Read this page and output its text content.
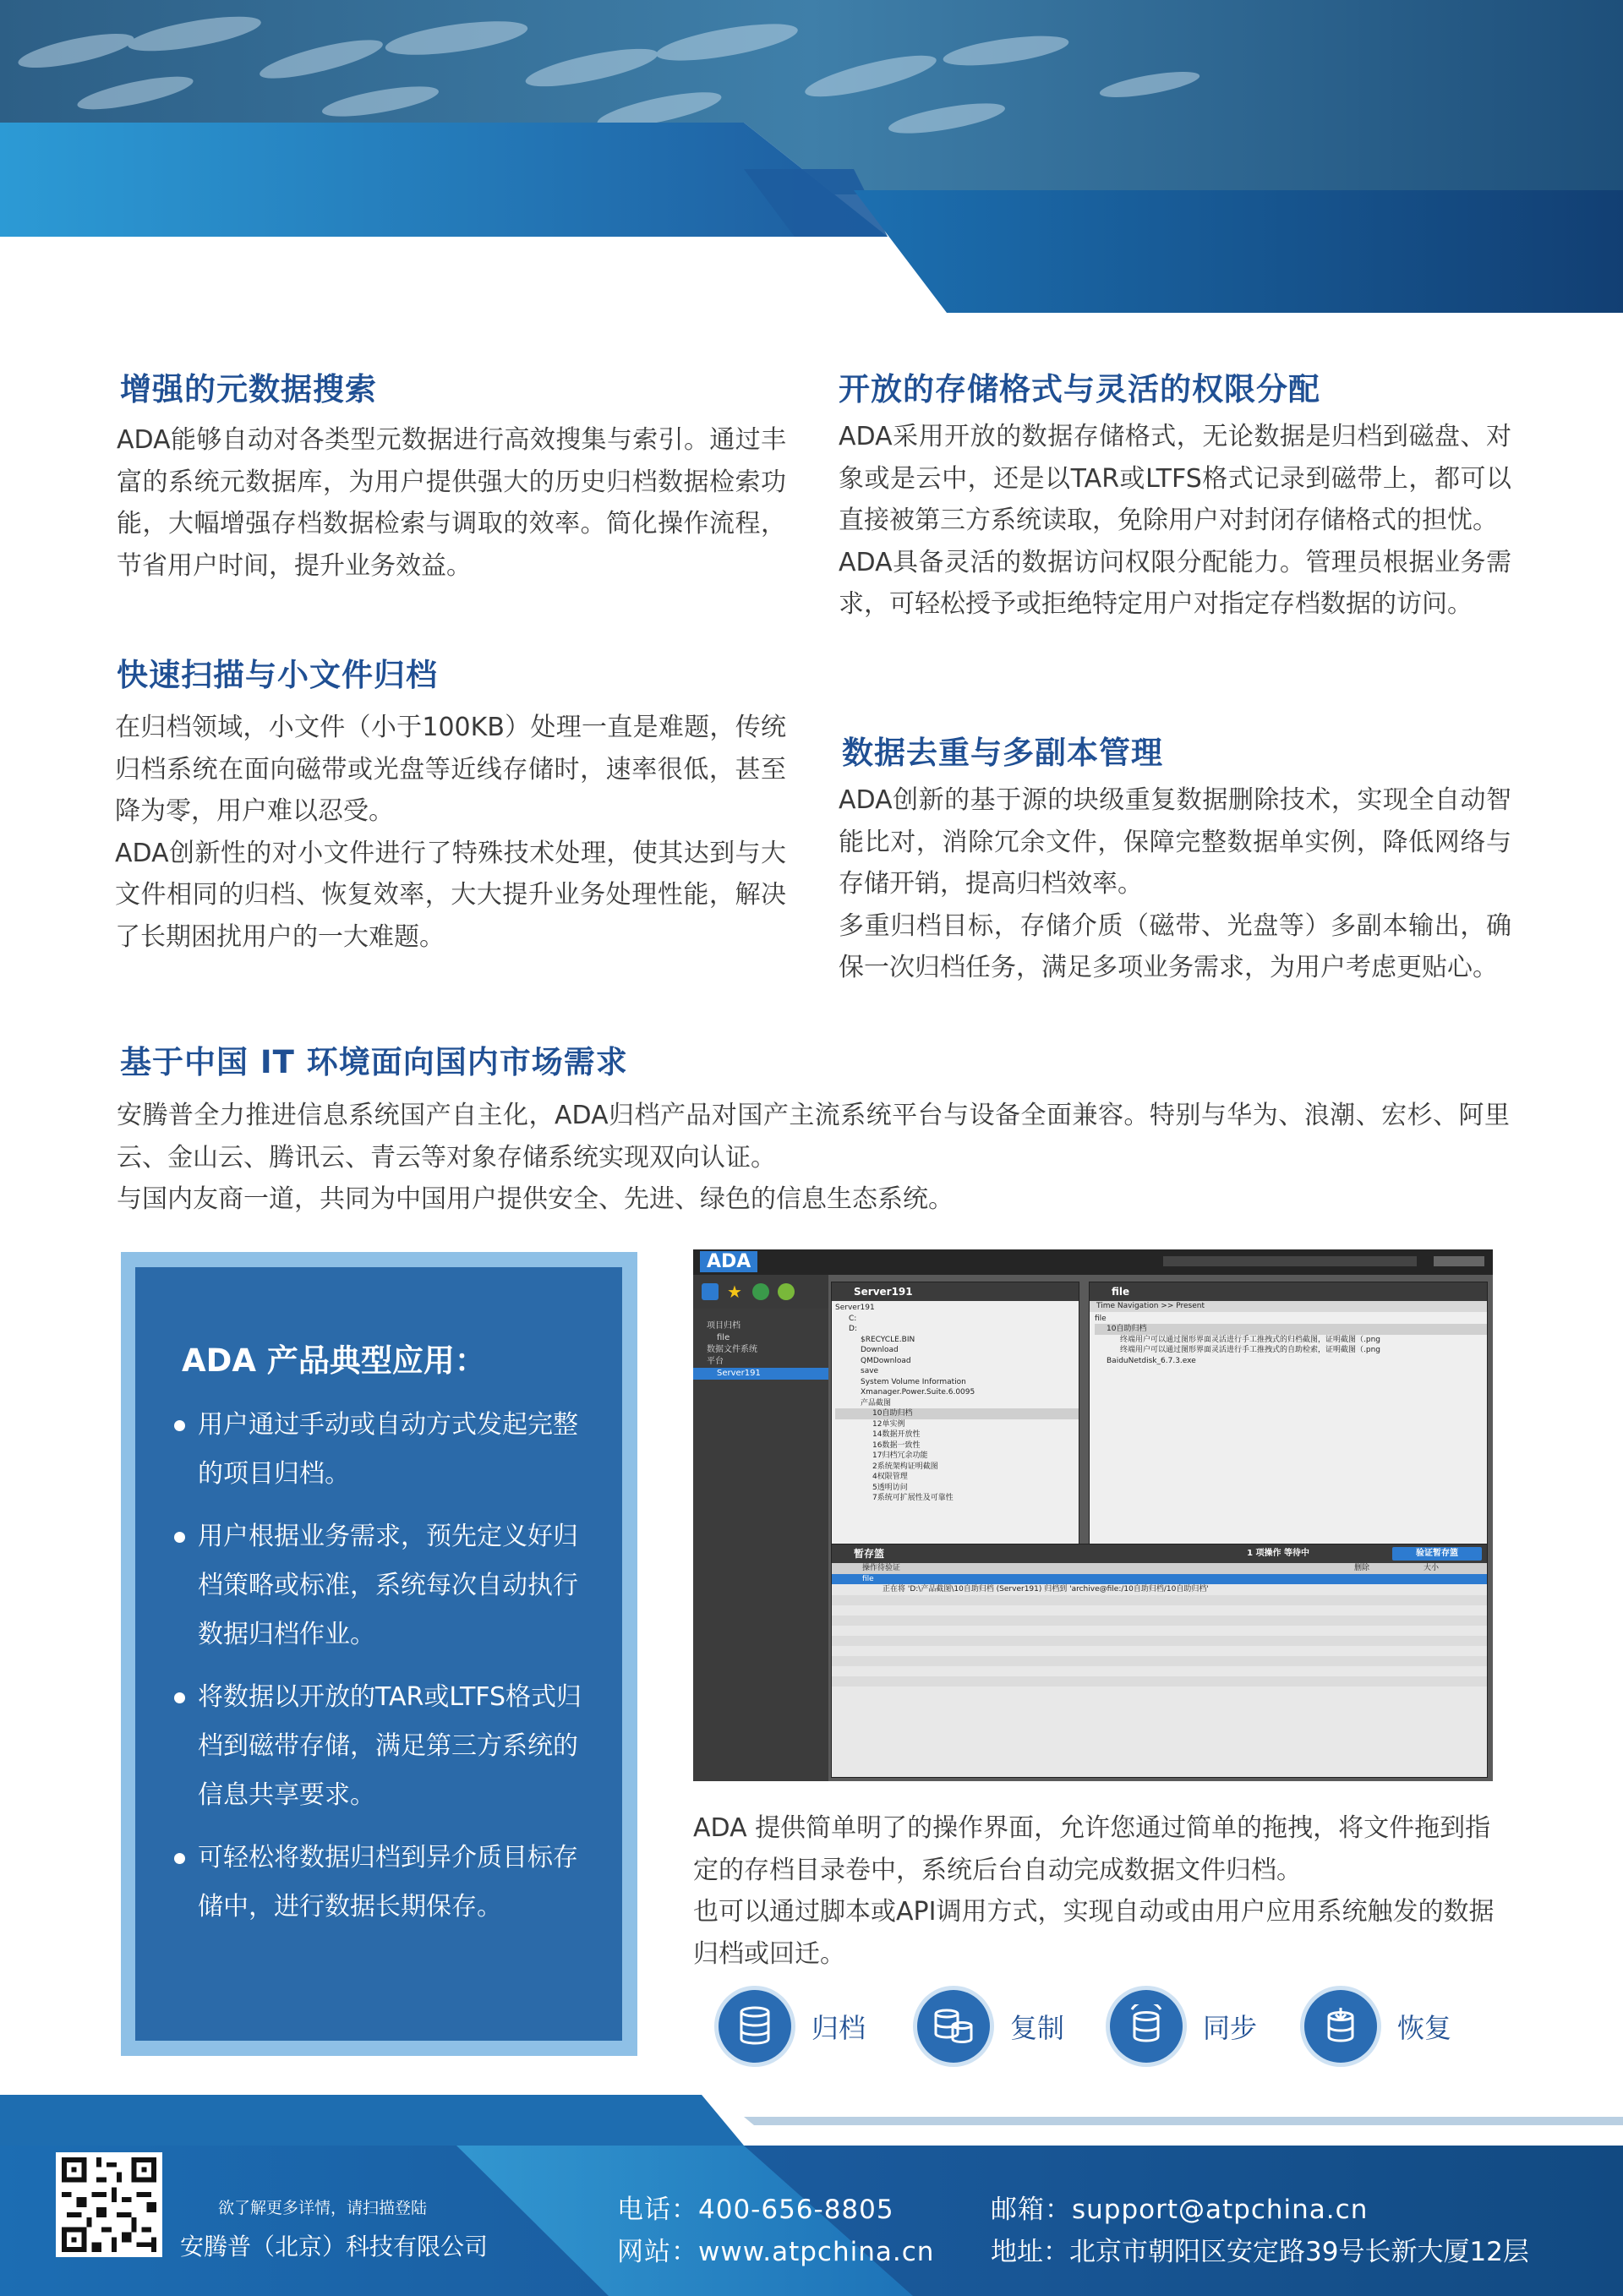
增强的元数据搜索

ADA能够自动对各类型元数据进行高效搜集与索引。通过丰富的系统元数据库，为用户提供强大的历史归档数据检索功能，大幅增强存档数据检索与调取的效率。简化操作流程，节省用户时间，提升业务效益。

快速扫描与小文件归档

在归档领域，小文件（小于100KB）处理一直是难题，传统归档系统在面向磁带或光盘等近线存储时，速率很低，甚至降为零，用户难以忍受。

ADA创新性的对小文件进行了特殊技术处理，使其达到与大文件相同的归档、恢复效率，大大提升业务处理性能，解决了长期困扰用户的一大难题。

开放的存储格式与灵活的权限分配

ADA采用开放的数据存储格式，无论数据是归档到磁盘、对象或是云中，还是以TAR或LTFS格式记录到磁带上，都可以直接被第三方系统读取，免除用户对封闭存储格式的担忧。

ADA具备灵活的数据访问权限分配能力。管理员根据业务需求，可轻松授予或拒绝特定用户对指定存档数据的访问。

数据去重与多副本管理

ADA创新的基于源的块级重复数据删除技术，实现全自动智能比对，消除冗余文件，保障完整数据单实例，降低网络与存储开销，提高归档效率。

多重归档目标，存储介质（磁带、光盘等）多副本输出，确保一次归档任务，满足多项业务需求，为用户考虑更贴心。

基于中国 IT 环境面向国内市场需求

安腾普全力推进信息系统国产自主化，ADA归档产品对国产主流系统平台与设备全面兼容。特别与华为、浪潮、宏杉、阿里云、金山云、腾讯云、青云等对象存储系统实现双向认证。

与国内友商一道，共同为中国用户提供安全、先进、绿色的信息生态系统。

ADA 产品典型应用：
用户通过手动或自动方式发起完整的项目归档。
用户根据业务需求，预先定义好归档策略或标准，系统每次自动执行数据归档作业。
将数据以开放的TAR或LTFS格式归档到磁带存储，满足第三方系统的信息共享要求。
可轻松将数据归档到异介质目标存储中，进行数据长期保存。
ADA
★
项目归档
file
数据文件系统
平台
Server191
Server191
Server191
C:
D:
$RECYCLE.BIN
Download
QMDownload
save
System Volume Information
Xmanager.Power.Suite.6.0095
产品截图
10自助归档
12单实例
14数据开放性
16数据一致性
17归档冗余功能
2系统架构证明截图
4权限管理
5透明访问
7系统可扩展性及可靠性
file
Time Navigation >> Present
file
10自助归档
终端用户可以通过图形界面灵活进行手工推拽式的归档截图，证明截图（.png
终端用户可以通过图形界面灵活进行手工推拽式的自助检索，证明截图（.png
BaiduNetdisk_6.7.3.exe
暂存篮	1 项操作 等待中	验证暂存篮
操作待验证	删除	大小
file
正在将 'D:\产品截图\10自助归档 (Server191) 归档到 'archive@file:/10自助归档/10自助归档'

ADA 提供简单明了的操作界面，允许您通过简单的拖拽，将文件拖到指定的存档目录卷中，系统后台自动完成数据文件归档。

也可以通过脚本或API调用方式，实现自动或由用户应用系统触发的数据归档或回迁。

归档	复制	同步	恢复
欲了解更多详情，请扫描登陆
安腾普（北京）科技有限公司
电话：400-656-8805
网站：www.atpchina.cn
邮箱：support@atpchina.cn
地址：北京市朝阳区安定路39号长新大厦12层
